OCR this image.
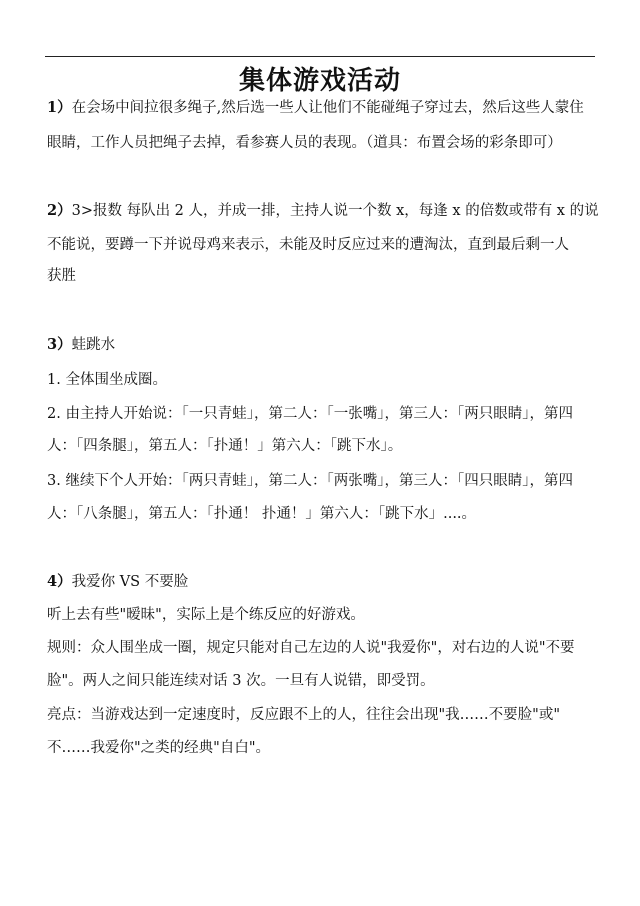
集体游戏活动
1）在会场中间拉很多绳子,然后选一些人让他们不能碰绳子穿过去，然后这些人蒙住
眼睛，工作人员把绳子去掉，看参赛人员的表现。（道具：布置会场的彩条即可）
2）3>报数 每队出 2 人，并成一排，主持人说一个数 x，每逢 x 的倍数或带有 x 的说
不能说，要蹲一下并说母鸡来表示，未能及时反应过来的遭淘汰，直到最后剩一人
获胜
3）蛙跳水
1. 全体围坐成圈。
2. 由主持人开始说：「一只青蛙」，第二人：「一张嘴」，第三人：「两只眼睛」，第四
人：「四条腿」，第五人：「扑通！」第六人：「跳下水」。
3. 继续下个人开始：「两只青蛙」，第二人：「两张嘴」，第三人：「四只眼睛」，第四
人：「八条腿」，第五人：「扑通！ 扑通！」第六人：「跳下水」....。
4）我爱你 VS 不要脸
听上去有些"暧昧"，实际上是个练反应的好游戏。
规则：众人围坐成一圈，规定只能对自己左边的人说"我爱你"，对右边的人说"不要
脸"。两人之间只能连续对话 3 次。一旦有人说错，即受罚。
亮点：当游戏达到一定速度时，反应跟不上的人，往往会出现"我……不要脸"或"
不……我爱你"之类的经典"自白"。
